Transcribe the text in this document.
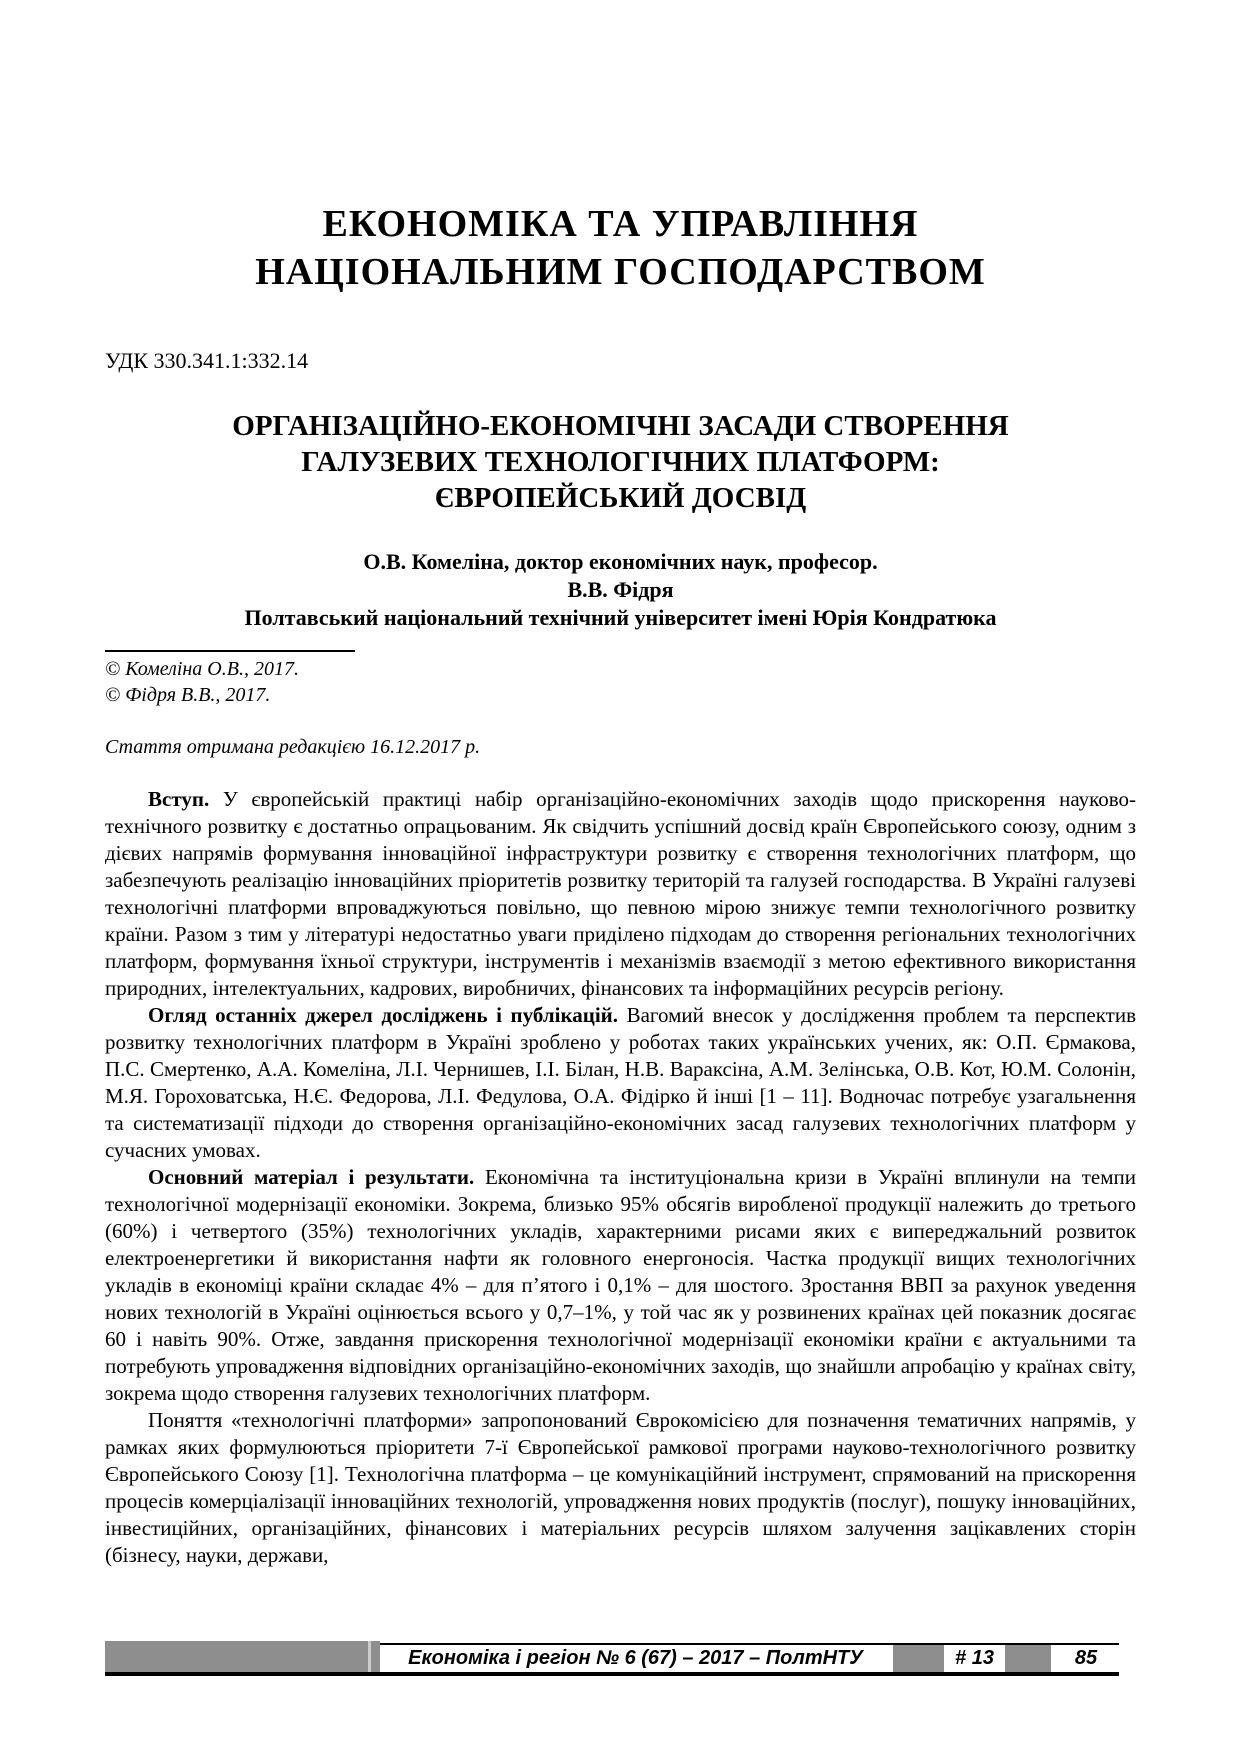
ЕКОНОМІКА ТА УПРАВЛІННЯ
НАЦІОНАЛЬНИМ ГОСПОДАРСТВОМ
УДК 330.341.1:332.14
ОРГАНІЗАЦІЙНО-ЕКОНОМІЧНІ ЗАСАДИ СТВОРЕННЯ
ГАЛУЗЕВИХ ТЕХНОЛОГІЧНИХ ПЛАТФОРМ:
ЄВРОПЕЙСЬКИЙ ДОСВІД
О.В. Комеліна, доктор економічних наук, професор.
В.В. Фідря
Полтавський національний технічний університет імені Юрія Кондратюка
© Комеліна О.В., 2017.
© Фідря В.В., 2017.
Стаття отримана редакцією 16.12.2017 р.

Вступ. У європейській практиці набір організаційно-економічних заходів щодо прискорення науково-технічного розвитку є достатньо опрацьованим. Як свідчить успішний досвід країн Європейського союзу, одним з дієвих напрямів формування інноваційної інфраструктури розвитку є створення технологічних платформ, що забезпечують реалізацію інноваційних пріоритетів розвитку територій та галузей господарства. В Україні галузеві технологічні платформи впроваджуються повільно, що певною мірою знижує темпи технологічного розвитку країни. Разом з тим у літературі недостатньо уваги приділено підходам до створення регіональних технологічних платформ, формування їхньої структури, інструментів і механізмів взаємодії з метою ефективного використання природних, інтелектуальних, кадрових, виробничих, фінансових та інформаційних ресурсів регіону.

Огляд останніх джерел досліджень і публікацій. Вагомий внесок у дослідження проблем та перспектив розвитку технологічних платформ в Україні зроблено у роботах таких українських учених, як: О.П. Єрмакова, П.С. Смертенко, А.А. Комеліна, Л.І. Чернишев, І.І. Білан, Н.В. Вараксіна, А.М. Зелінська, О.В. Кот, Ю.М. Солонін, М.Я. Гороховатська, Н.Є. Федорова, Л.І. Федулова, О.А. Фідірко й інші [1 – 11]. Водночас потребує узагальнення та систематизації підходи до створення організаційно-економічних засад галузевих технологічних платформ у сучасних умовах.

Основний матеріал і результати. Економічна та інституціональна кризи в Україні вплинули на темпи технологічної модернізації економіки. Зокрема, близько 95% обсягів виробленої продукції належить до третього (60%) і четвертого (35%) технологічних укладів, характерними рисами яких є випереджальний розвиток електроенергетики й використання нафти як головного енергоносія. Частка продукції вищих технологічних укладів в економіці країни складає 4% – для п’ятого і 0,1% – для шостого. Зростання ВВП за рахунок уведення нових технологій в Україні оцінюється всього у 0,7–1%, у той час як у розвинених країнах цей показник досягає 60 і навіть 90%. Отже, завдання прискорення технологічної модернізації економіки країни є актуальними та потребують упровадження відповідних організаційно-економічних заходів, що знайшли апробацію у країнах світу, зокрема щодо створення галузевих технологічних платформ.

Поняття «технологічні платформи» запропонований Єврокомісією для позначення тематичних напрямів, у рамках яких формулюються пріоритети 7-ї Європейської рамкової програми науково-технологічного розвитку Європейського Союзу [1]. Технологічна платформа – це комунікаційний інструмент, спрямований на прискорення процесів комерціалізації інноваційних технологій, упровадження нових продуктів (послуг), пошуку інноваційних, інвестиційних, організаційних, фінансових і матеріальних ресурсів шляхом залучення зацікавлених сторін (бізнесу, науки, держави,

Економіка і регіон № 6 (67) – 2017 – ПолтНТУ	# 13	85
